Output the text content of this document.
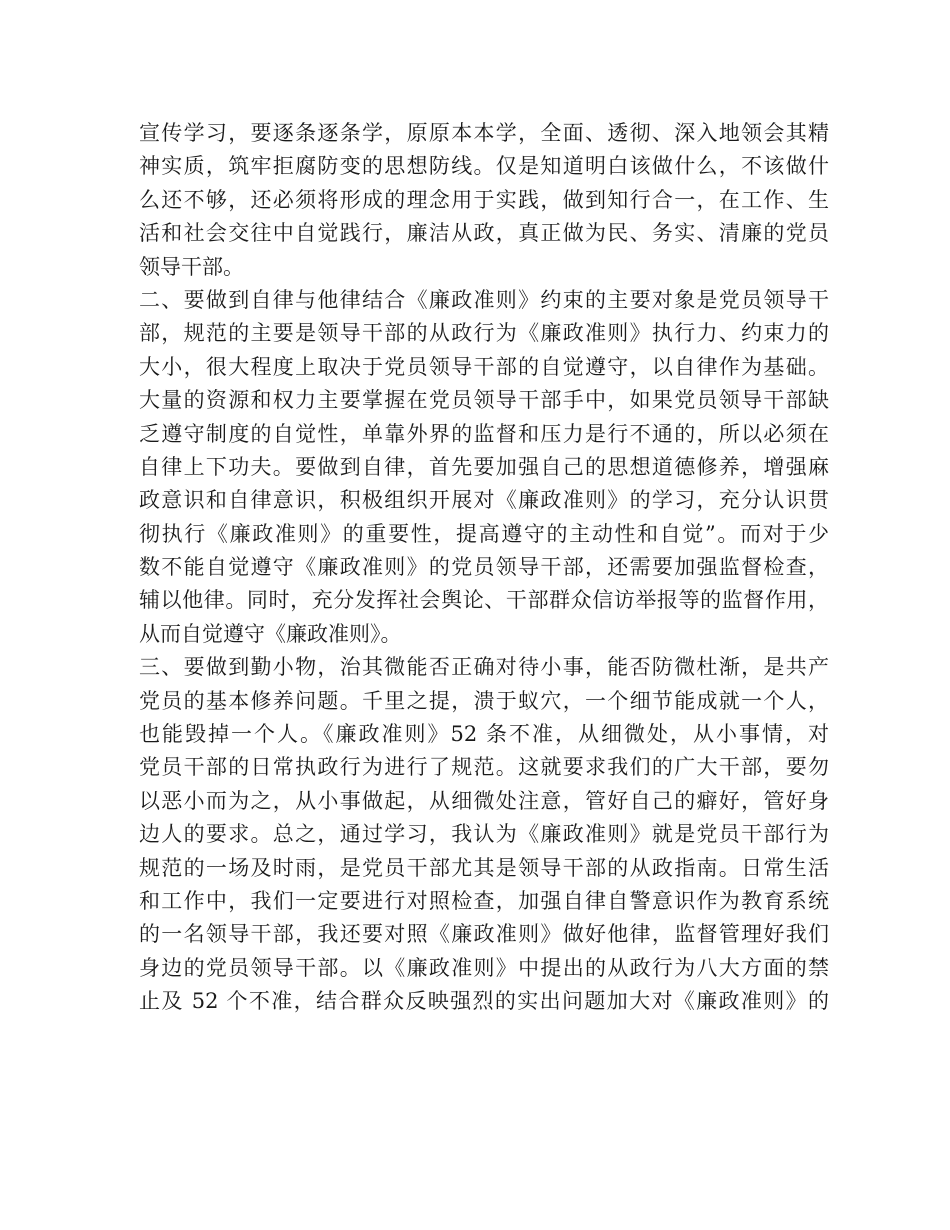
宣传学习，要逐条逐条学，原原本本学，全面、透彻、深入地领会其精
神实质，筑牢拒腐防变的思想防线。仅是知道明白该做什么，不该做什
么还不够，还必须将形成的理念用于实践，做到知行合一，在工作、生
活和社会交往中自觉践行，廉洁从政，真正做为民、务实、清廉的党员
领导干部。
二、要做到自律与他律结合《廉政准则》约束的主要对象是党员领导干
部，规范的主要是领导干部的从政行为《廉政准则》执行力、约束力的
大小，很大程度上取决于党员领导干部的自觉遵守，以自律作为基础。
大量的资源和权力主要掌握在党员领导干部手中，如果党员领导干部缺
乏遵守制度的自觉性，单靠外界的监督和压力是行不通的，所以必须在
自律上下功夫。要做到自律，首先要加强自己的思想道德修养，增强麻
政意识和自律意识，积极组织开展对《廉政准则》的学习，充分认识贯
彻执行《廉政准则》的重要性，提高遵守的主动性和自觉”。而对于少
数不能自觉遵守《廉政准则》的党员领导干部，还需要加强监督检查，
辅以他律。同时，充分发挥社会舆论、干部群众信访举报等的监督作用，
从而自觉遵守《廉政准则》。
三、要做到勤小物，治其微能否正确对待小事，能否防微杜渐，是共产
党员的基本修养问题。千里之提，溃于蚁穴，一个细节能成就一个人，
也能毁掉一个人。《廉政准则》52 条不准，从细微处，从小事情，对
党员干部的日常执政行为进行了规范。这就要求我们的广大干部，要勿
以恶小而为之，从小事做起，从细微处注意，管好自己的癖好，管好身
边人的要求。总之，通过学习，我认为《廉政准则》就是党员干部行为
规范的一场及时雨，是党员干部尤其是领导干部的从政指南。日常生活
和工作中，我们一定要进行对照检查，加强自律自警意识作为教育系统
的一名领导干部，我还要对照《廉政准则》做好他律，监督管理好我们
身边的党员领导干部。以《廉政准则》中提出的从政行为八大方面的禁
止及 52 个不准，结合群众反映强烈的实出问题加大对《廉政准则》的
